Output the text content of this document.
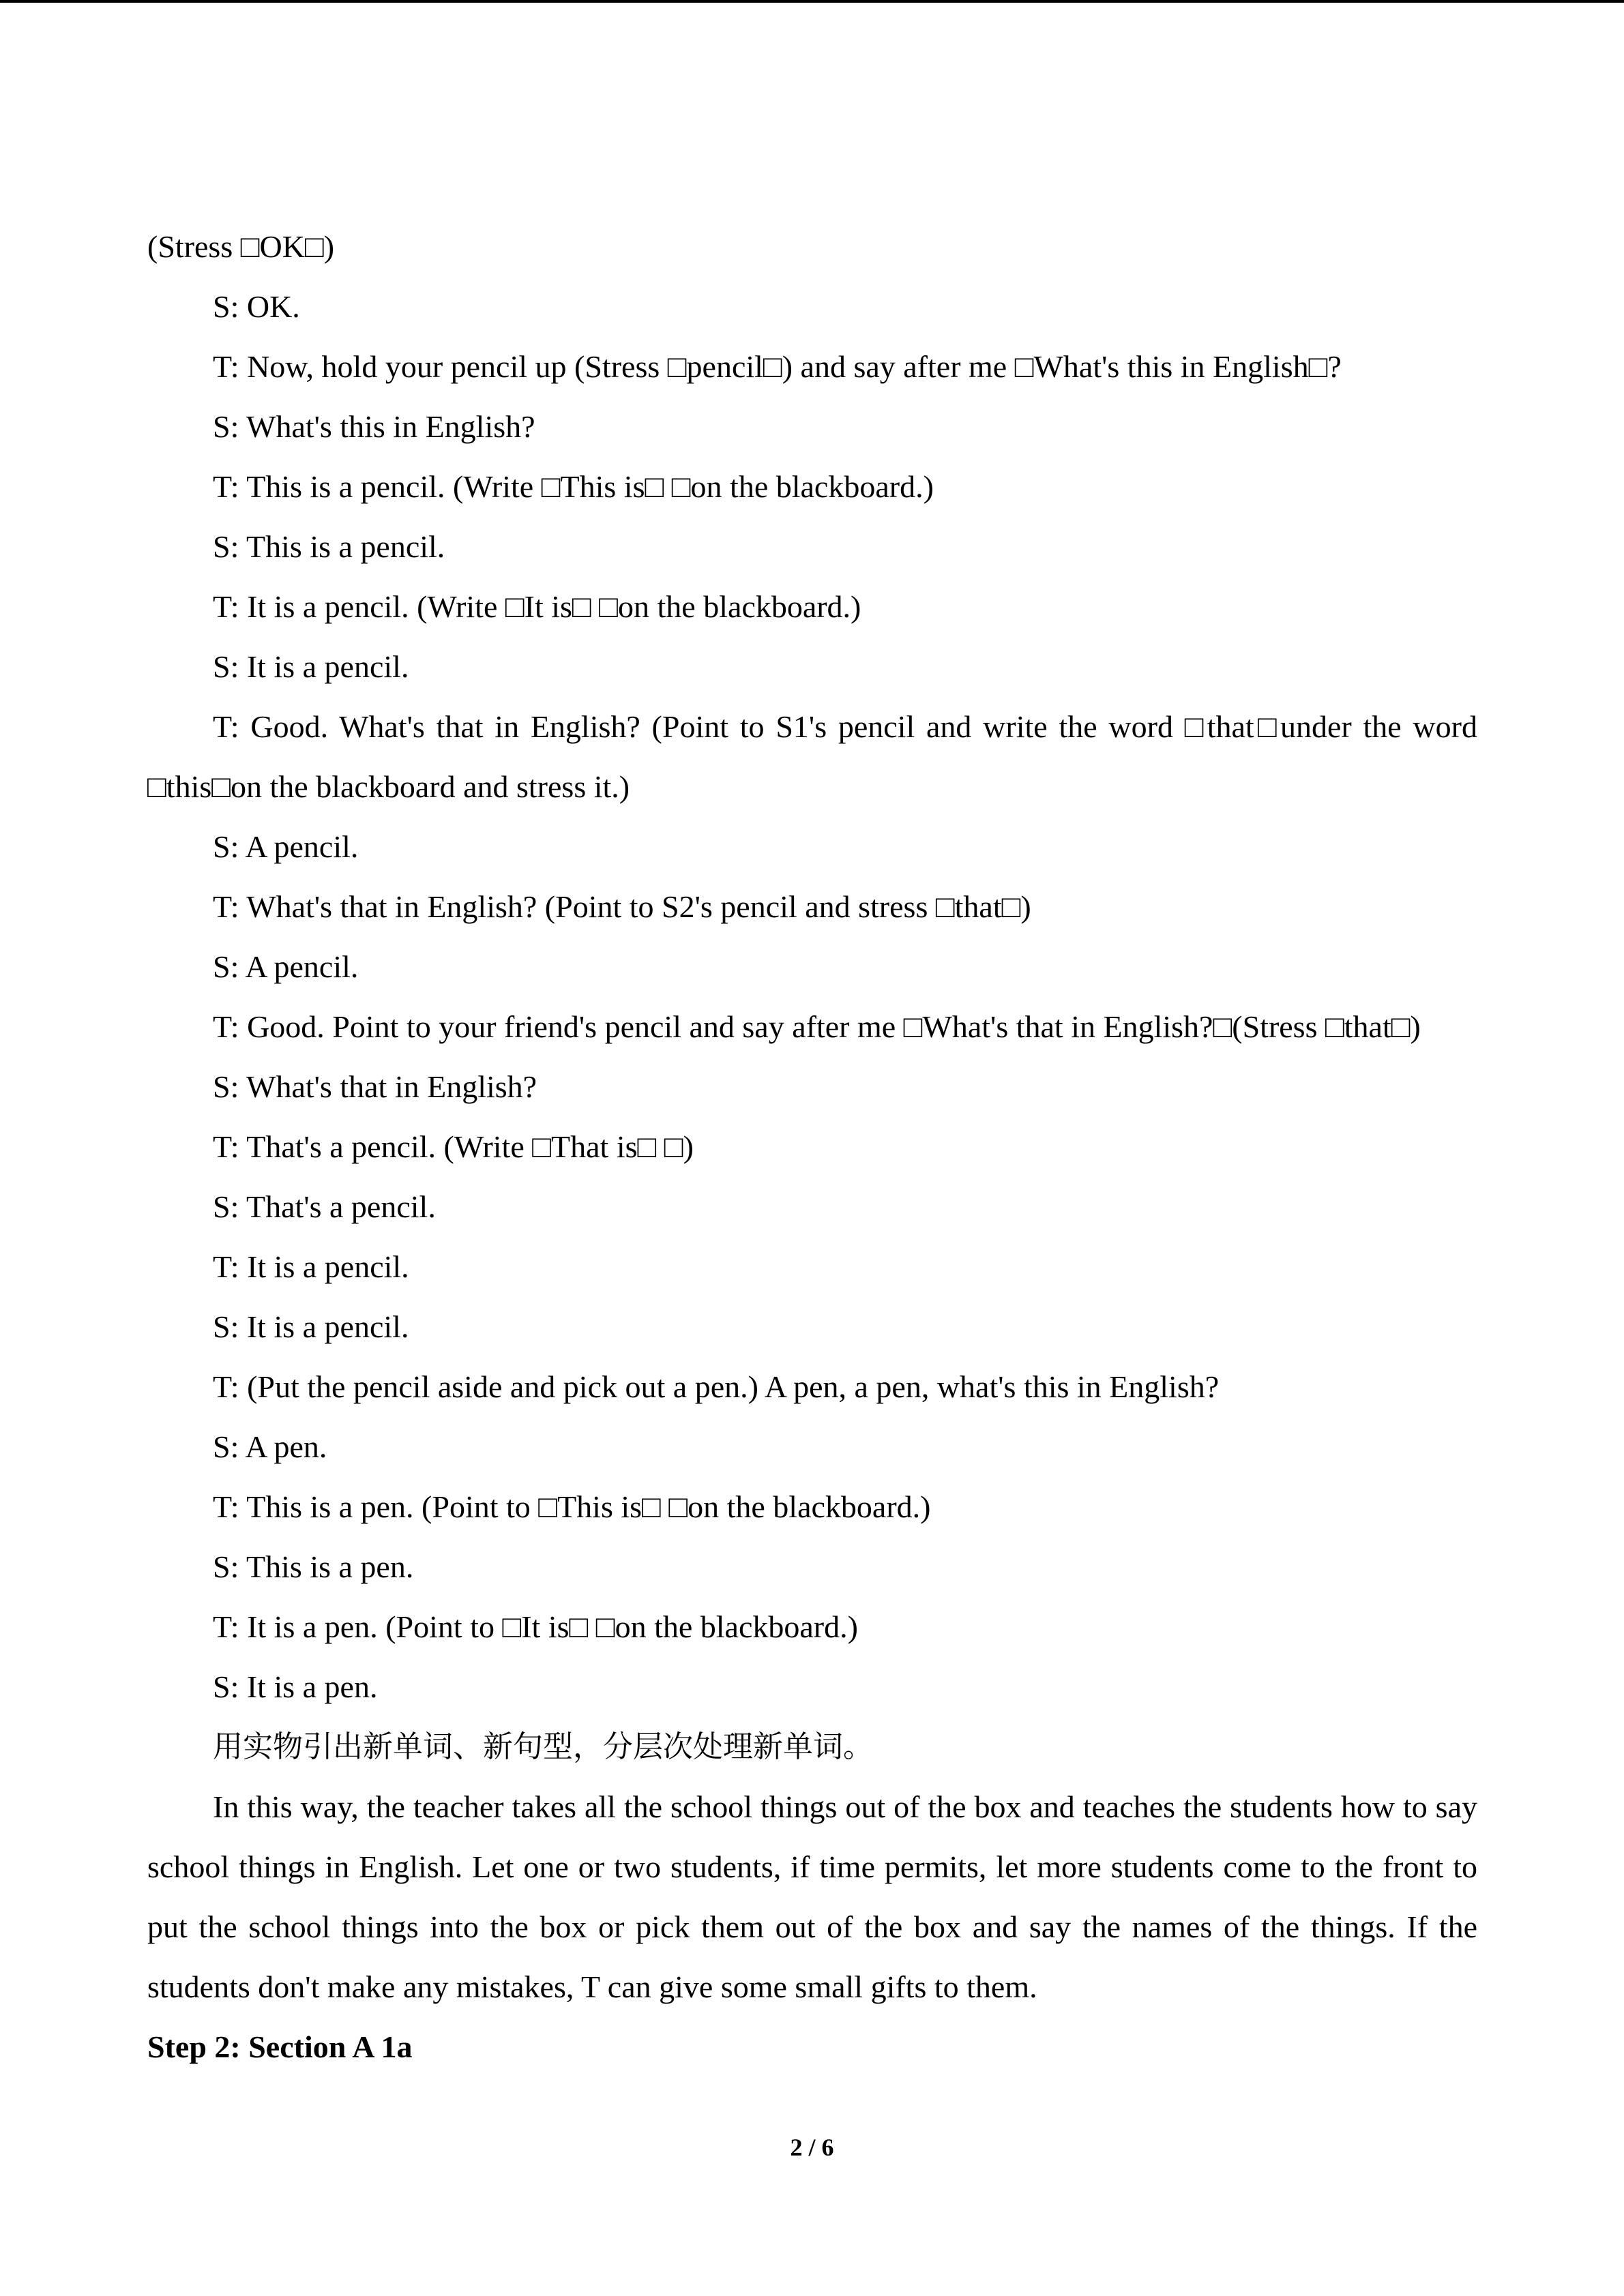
(Stress □OK□)
S: OK.
T: Now, hold your pencil up (Stress □pencil□) and say after me □What's this in English□?
S: What's this in English?
T: This is a pencil. (Write □This is□ □on the blackboard.)
S: This is a pencil.
T: It is a pencil. (Write □It is□ □on the blackboard.)
S: It is a pencil.

T: Good. What's that in English? (Point to S1's pencil and write the word □that□under the word □this□on the blackboard and stress it.)

S: A pencil.
T: What's that in English? (Point to S2's pencil and stress □that□)
S: A pencil.
T: Good. Point to your friend's pencil and say after me □What's that in English?□(Stress □that□)
S: What's that in English?
T: That's a pencil. (Write □That is□ □)
S: That's a pencil.
T: It is a pencil.
S: It is a pencil.
T: (Put the pencil aside and pick out a pen.) A pen, a pen, what's this in English?
S: A pen.
T: This is a pen. (Point to □This is□ □on the blackboard.)
S: This is a pen.
T: It is a pen. (Point to □It is□ □on the blackboard.)
S: It is a pen.
用实物引出新单词、新句型，分层次处理新单词。

In this way, the teacher takes all the school things out of the box and teaches the students how to say school things in English. Let one or two students, if time permits, let more students come to the front to put the school things into the box or pick them out of the box and say the names of the things. If the students don't make any mistakes, T can give some small gifts to them.

Step 2: Section A 1a

2 / 6
